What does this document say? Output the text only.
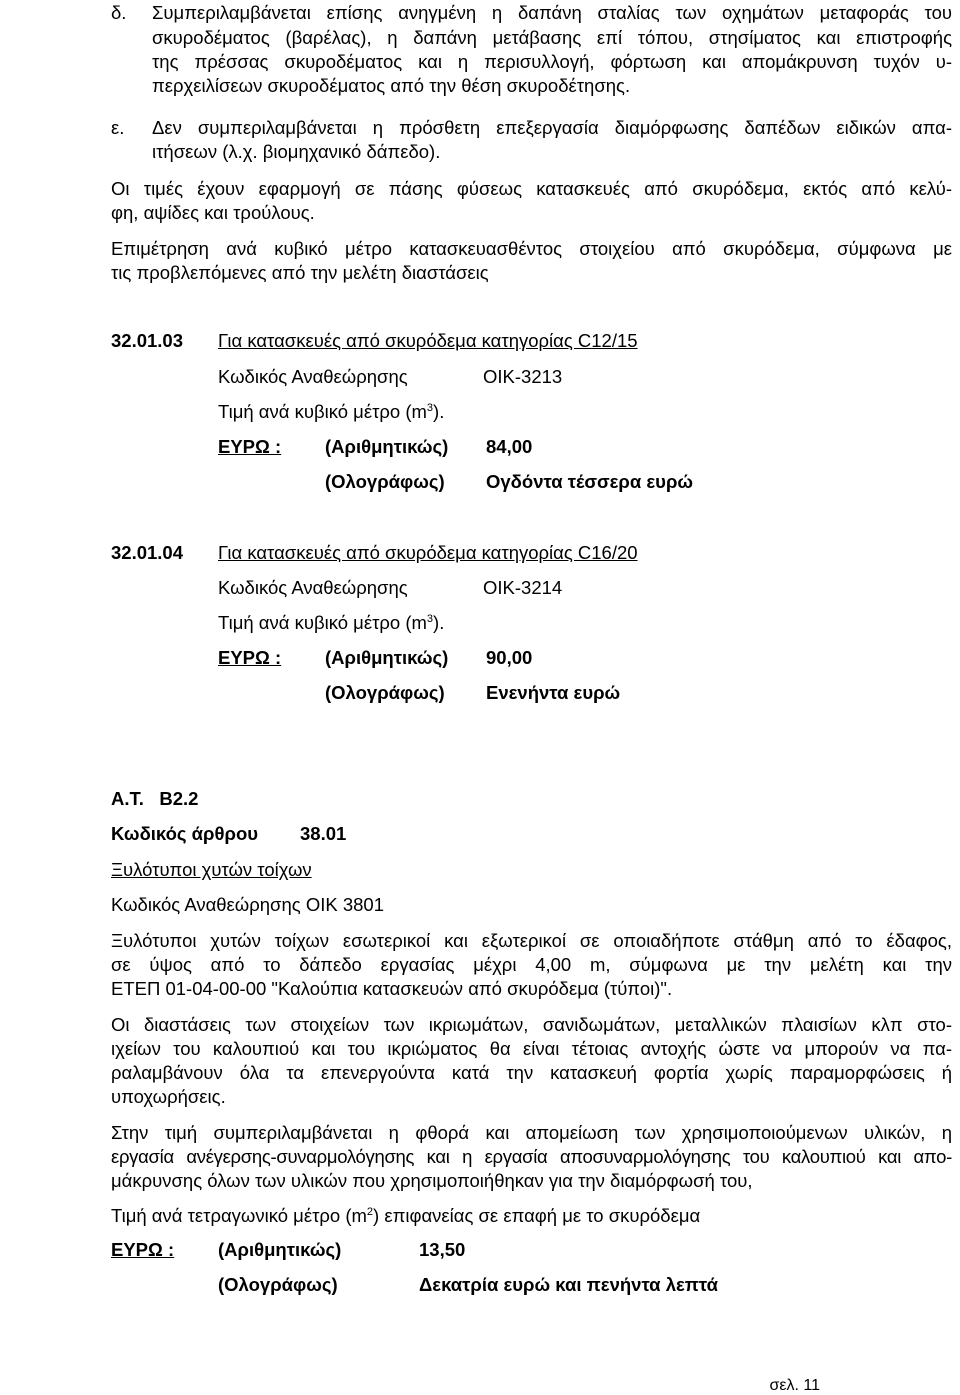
δ. Συμπεριλαμβάνεται επίσης ανηγμένη η δαπάνη σταλίας των οχημάτων μεταφοράς του
σκυροδέματος (βαρέλας), η δαπάνη μετάβασης επί τόπου, στησίματος και επιστροφής
της πρέσσας σκυροδέματος και η περισυλλογή, φόρτωση και απομάκρυνση τυχόν υ-
περχειλίσεων σκυροδέματος από την θέση σκυροδέτησης.
ε. Δεν συμπεριλαμβάνεται η πρόσθετη επεξεργασία διαμόρφωσης δαπέδων ειδικών απα-
ιτήσεων (λ.χ. βιομηχανικό δάπεδο).
Οι τιμές έχουν εφαρμογή σε πάσης φύσεως κατασκευές από σκυρόδεμα, εκτός από κελύ-
φη, αψίδες και τρούλους.
Επιμέτρηση ανά κυβικό μέτρο κατασκευασθέντος στοιχείου από σκυρόδεμα, σύμφωνα με
τις προβλεπόμενες από την μελέτη διαστάσεις
32.01.03 Για κατασκευές από σκυρόδεμα κατηγορίας C12/15
Κωδικός Αναθεώρησης	ΟΙΚ-3213
Τιμή ανά κυβικό μέτρο $(m^3)$.
ΕΥΡΩ : (Αριθμητικώς) 84,00
(Ολογράφως) Ογδόντα τέσσερα ευρώ
32.01.04 Για κατασκευές από σκυρόδεμα κατηγορίας C16/20
Κωδικός Αναθεώρησης	ΟΙΚ-3214
Τιμή ανά κυβικό μέτρο $(m^3)$.
ΕΥΡΩ : (Αριθμητικώς) 90,00
(Ολογράφως) Ενενήντα ευρώ
Α.Τ.   Β2.2
Κωδικός άρθρου 38.01
Ξυλότυποι χυτών τοίχων
Κωδικός Αναθεώρησης ΟΙΚ 3801
Ξυλότυποι χυτών τοίχων εσωτερικοί και εξωτερικοί σε οποιαδήποτε στάθμη από το έδαφος,
σε ύψος από το δάπεδο εργασίας μέχρι 4,00 m, σύμφωνα με την μελέτη και την
ΕΤΕΠ 01-04-00-00 "Καλούπια κατασκευών από σκυρόδεμα (τύποι)".
Οι διαστάσεις των στοιχείων των ικριωμάτων, σανιδωμάτων, μεταλλικών πλαισίων κλπ στο-
ιχείων του καλουπιού και του ικριώματος θα είναι τέτοιας αντοχής ώστε να μπορούν να πα-
ραλαμβάνουν όλα τα επενεργούντα κατά την κατασκευή φορτία χωρίς παραμορφώσεις ή
υποχωρήσεις.
Στην τιμή συμπεριλαμβάνεται η φθορά και απομείωση των χρησιμοποιούμενων υλικών, η
εργασία ανέγερσης-συναρμολόγησης και η εργασία αποσυναρμολόγησης του καλουπιού και απο-
μάκρυνσης όλων των υλικών που χρησιμοποιήθηκαν για την διαμόρφωσή του,
Τιμή ανά τετραγωνικό μέτρο $(m^2)$ επιφανείας σε επαφή με το σκυρόδεμα
ΕΥΡΩ : (Αριθμητικώς)	13,50
(Ολογράφως)	Δεκατρία ευρώ και πενήντα λεπτά
σελ. 11
